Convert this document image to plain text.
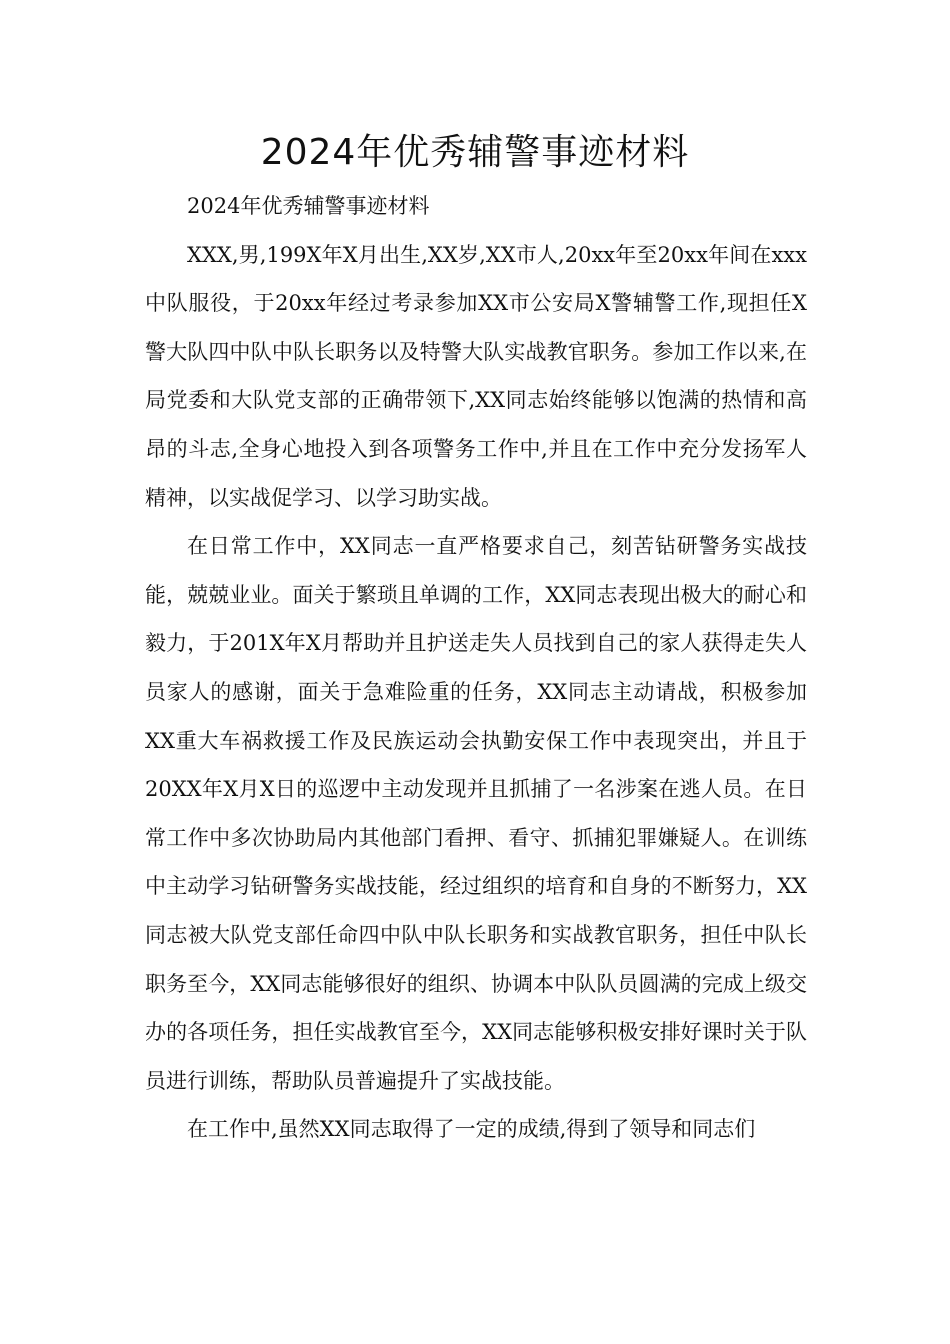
2024年优秀辅警事迹材料

2024年优秀辅警事迹材料

XXX,男,199X年X月出生,XX岁,XX市人,20xx年至20xx年间在xxx中队服役，于20xx年经过考录参加XX市公安局X警辅警工作,现担任X警大队四中队中队长职务以及特警大队实战教官职务。参加工作以来,在局党委和大队党支部的正确带领下,XX同志始终能够以饱满的热情和高昂的斗志,全身心地投入到各项警务工作中,并且在工作中充分发扬军人精神，以实战促学习、以学习助实战。

在日常工作中，XX同志一直严格要求自己，刻苦钻研警务实战技能，兢兢业业。面关于繁琐且单调的工作，XX同志表现出极大的耐心和毅力，于201X年X月帮助并且护送走失人员找到自己的家人获得走失人员家人的感谢，面关于急难险重的任务，XX同志主动请战，积极参加XX重大车祸救援工作及民族运动会执勤安保工作中表现突出，并且于20XX年X月X日的巡逻中主动发现并且抓捕了一名涉案在逃人员。在日常工作中多次协助局内其他部门看押、看守、抓捕犯罪嫌疑人。在训练中主动学习钻研警务实战技能，经过组织的培育和自身的不断努力，XX同志被大队党支部任命四中队中队长职务和实战教官职务，担任中队长职务至今，XX同志能够很好的组织、协调本中队队员圆满的完成上级交办的各项任务，担任实战教官至今，XX同志能够积极安排好课时关于队员进行训练，帮助队员普遍提升了实战技能。

在工作中,虽然XX同志取得了一定的成绩,得到了领导和同志们
